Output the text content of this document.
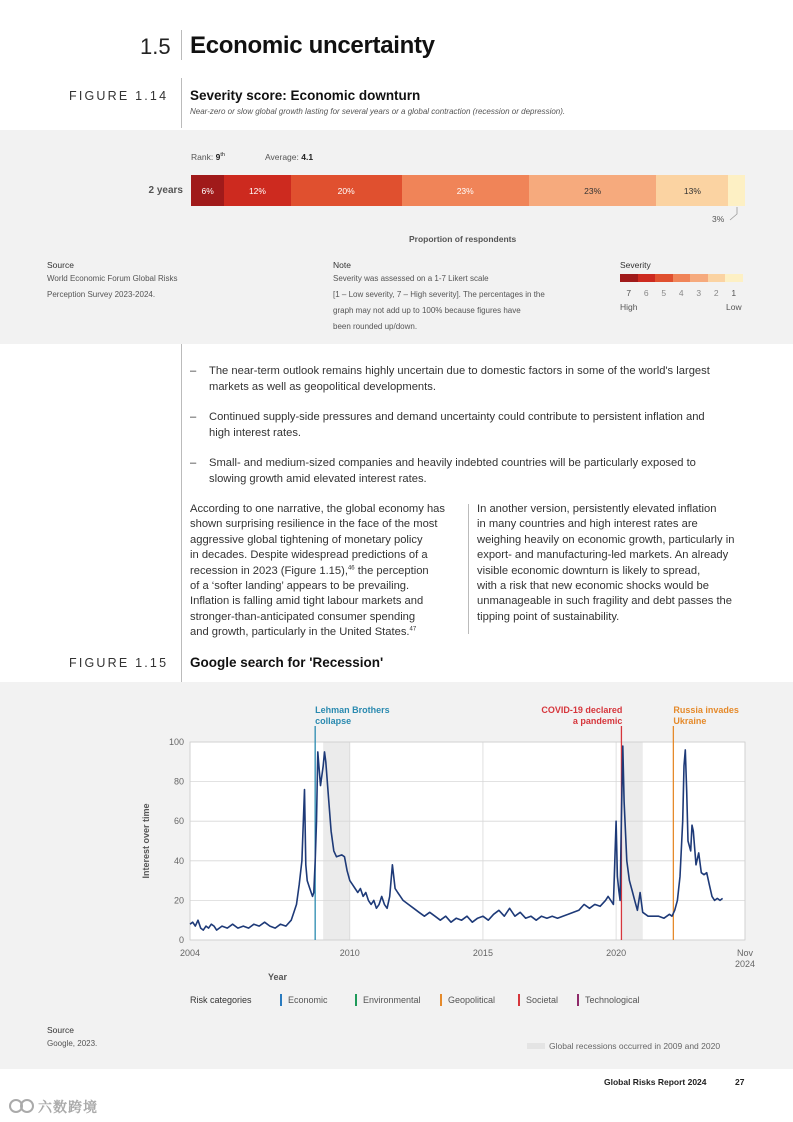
1.5 Economic uncertainty
FIGURE 1.14 Severity score: Economic downturn
Near-zero or slow global growth lasting for several years or a global contraction (recession or depression).
Rank: 9th	Average: 4.1
2 years 6%	12%	20%	23%	23%	13%
3%
Proportion of respondents
Source
World Economic Forum Global Risks
Perception Survey 2023-2024.
Note
Severity was assessed on a 1-7 Likert scale
[1 – Low severity, 7 – High severity]. The percentages in the
graph may not add up to 100% because figures have
been rounded up/down.
Severity
7	6	5	4	3	2	1
High	Low
– The near-term outlook remains highly uncertain due to domestic factors in some of the world's largest
markets as well as geopolitical developments.
– Continued supply-side pressures and demand uncertainty could contribute to persistent inflation and
high interest rates.
– Small- and medium-sized companies and heavily indebted countries will be particularly exposed to
slowing growth amid elevated interest rates.
According to one narrative, the global economy has
shown surprising resilience in the face of the most
aggressive global tightening of monetary policy
in decades. Despite widespread predictions of a
recession in 2023 (Figure 1.15),$^{46}$ the perception
of a ‘softer landing’ appears to be prevailing.
Inflation is falling amid tight labour markets and
stronger-than-anticipated consumer spending
and growth, particularly in the United States.$^{47}$
In another version, persistently elevated inflation
in many countries and high interest rates are
weighing heavily on economic growth, particularly in
export- and manufacturing-led markets. An already
visible economic downturn is likely to spread,
with a risk that new economic shocks would be
unmanageable in such fragility and debt passes the
tipping point of sustainability.
FIGURE 1.15 Google search for 'Recession'
0
20
40
60
80
100
2004	2010	2015	2020	Nov
2024
Lehman Brothers
collapse
COVID-19 declared
a pandemic
Russia invades
Ukraine
Interest over time
Year
Risk categories	Economic	Environmental	Geopolitical	Societal	Technological
Source
Google, 2023.	Global recessions occurred in 2009 and 2020
Global Risks Report 2024	27
六数跨境
